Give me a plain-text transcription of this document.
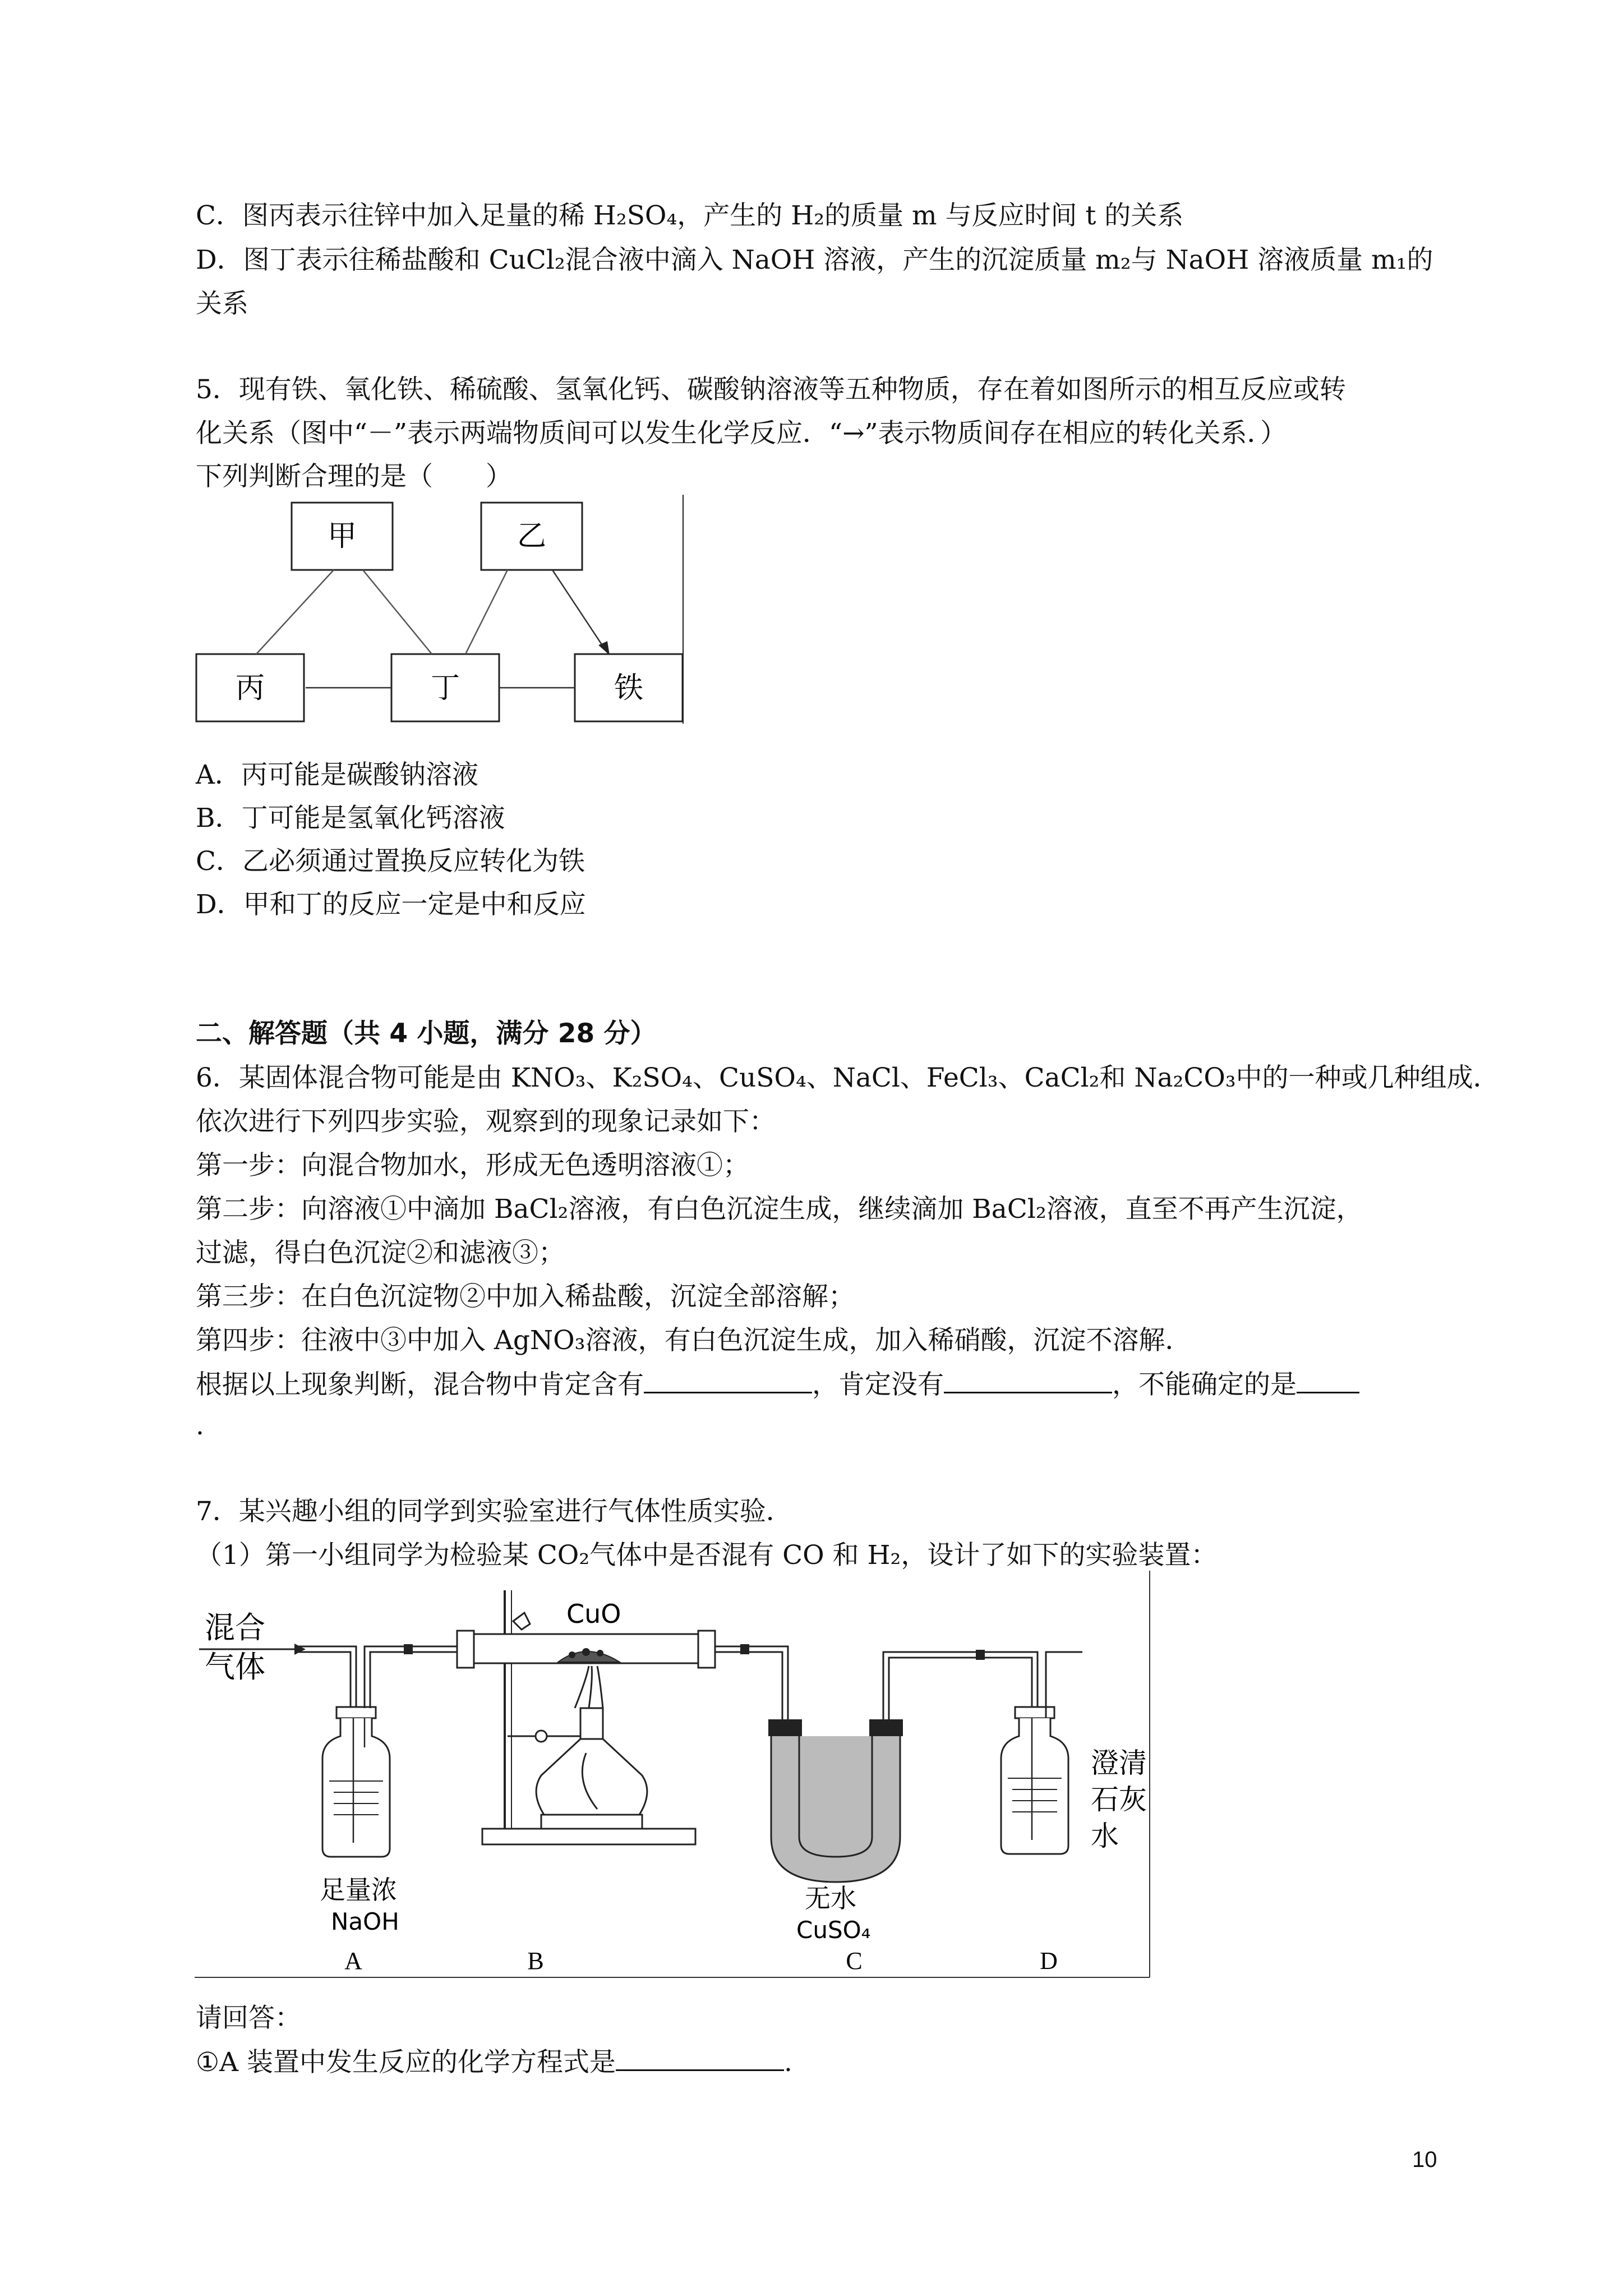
C．图丙表示往锌中加入足量的稀 H₂SO₄，产生的 H₂的质量 m 与反应时间 t 的关系
D．图丁表示往稀盐酸和 CuCl₂混合液中滴入 NaOH 溶液，产生的沉淀质量 m₂与 NaOH 溶液质量 m₁的
关系
5．现有铁、氧化铁、稀硫酸、氢氧化钙、碳酸钠溶液等五种物质，存在着如图所示的相互反应或转
化关系（图中“－”表示两端物质间可以发生化学反应．“→”表示物质间存在相应的转化关系．）
下列判断合理的是（　　）
甲	乙
丙	丁	铁
A．丙可能是碳酸钠溶液
B．丁可能是氢氧化钙溶液
C．乙必须通过置换反应转化为铁
D．甲和丁的反应一定是中和反应
二、解答题（共 4 小题，满分 28 分）
6．某固体混合物可能是由 KNO₃、K₂SO₄、CuSO₄、NaCl、FeCl₃、CaCl₂和 Na₂CO₃中的一种或几种组成．
依次进行下列四步实验，观察到的现象记录如下：
第一步：向混合物加水，形成无色透明溶液①；
第二步：向溶液①中滴加 BaCl₂溶液，有白色沉淀生成，继续滴加 BaCl₂溶液，直至不再产生沉淀，
过滤，得白色沉淀②和滤液③；
第三步：在白色沉淀物②中加入稀盐酸，沉淀全部溶解；
第四步：往液中③中加入 AgNO₃溶液，有白色沉淀生成，加入稀硝酸，沉淀不溶解．
根据以上现象判断，混合物中肯定含有	，肯定没有	，不能确定的是
.
7．某兴趣小组的同学到实验室进行气体性质实验．
（1）第一小组同学为检验某 CO₂气体中是否混有 CO 和 H₂，设计了如下的实验装置：
混合
气体
CuO
无水
CuSO₄
澄清
石灰
水
足量浓
NaOH
A	B	C	D
请回答：
①A 装置中发生反应的化学方程式是	.
10
